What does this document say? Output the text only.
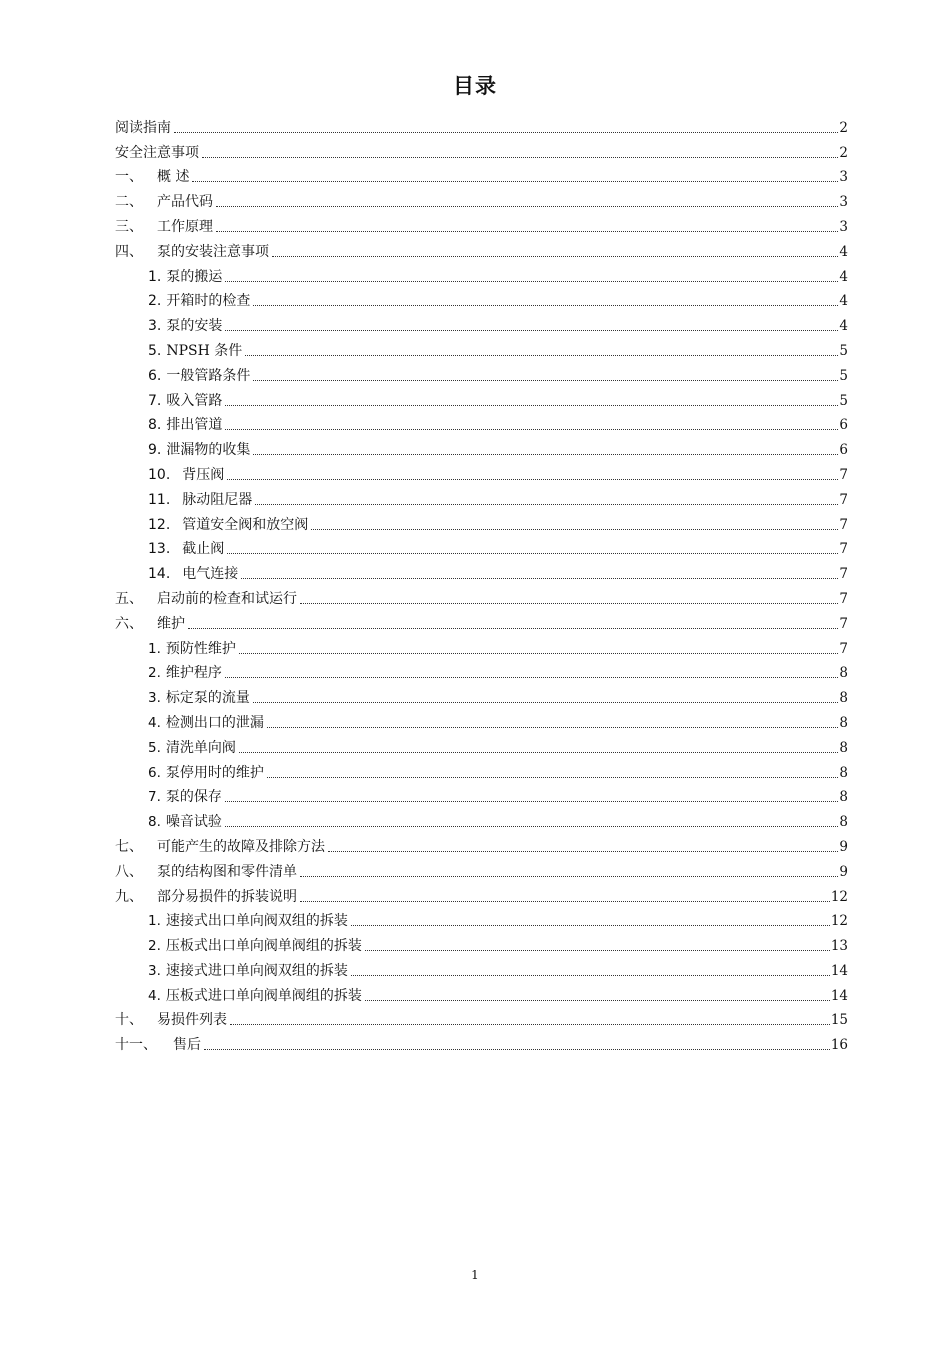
目录
阅读指南	2
安全注意事项	2
一、	概 述	3
二、	产品代码	3
三、	工作原理	3
四、	泵的安装注意事项	4
1. 泵的搬运	4
2. 开箱时的检查	4
3. 泵的安装	4
5. NPSH 条件	5
6. 一般管路条件	5
7. 吸入管路	5
8. 排出管道	6
9. 泄漏物的收集	6
10. 背压阀	7
11. 脉动阻尼器	7
12. 管道安全阀和放空阀	7
13. 截止阀	7
14. 电气连接	7
五、	启动前的检查和试运行	7
六、	维护	7
1. 预防性维护	7
2. 维护程序	8
3. 标定泵的流量	8
4. 检测出口的泄漏	8
5. 清洗单向阀	8
6. 泵停用时的维护	8
7. 泵的保存	8
8. 噪音试验	8
七、	可能产生的故障及排除方法	9
八、	泵的结构图和零件清单	9
九、	部分易损件的拆装说明	12
1. 速接式出口单向阀双组的拆装	12
2. 压板式出口单向阀单阀组的拆装	13
3. 速接式进口单向阀双组的拆装	14
4. 压板式进口单向阀单阀组的拆装	14
十、	易损件列表	15
十一、	售后	16
1
